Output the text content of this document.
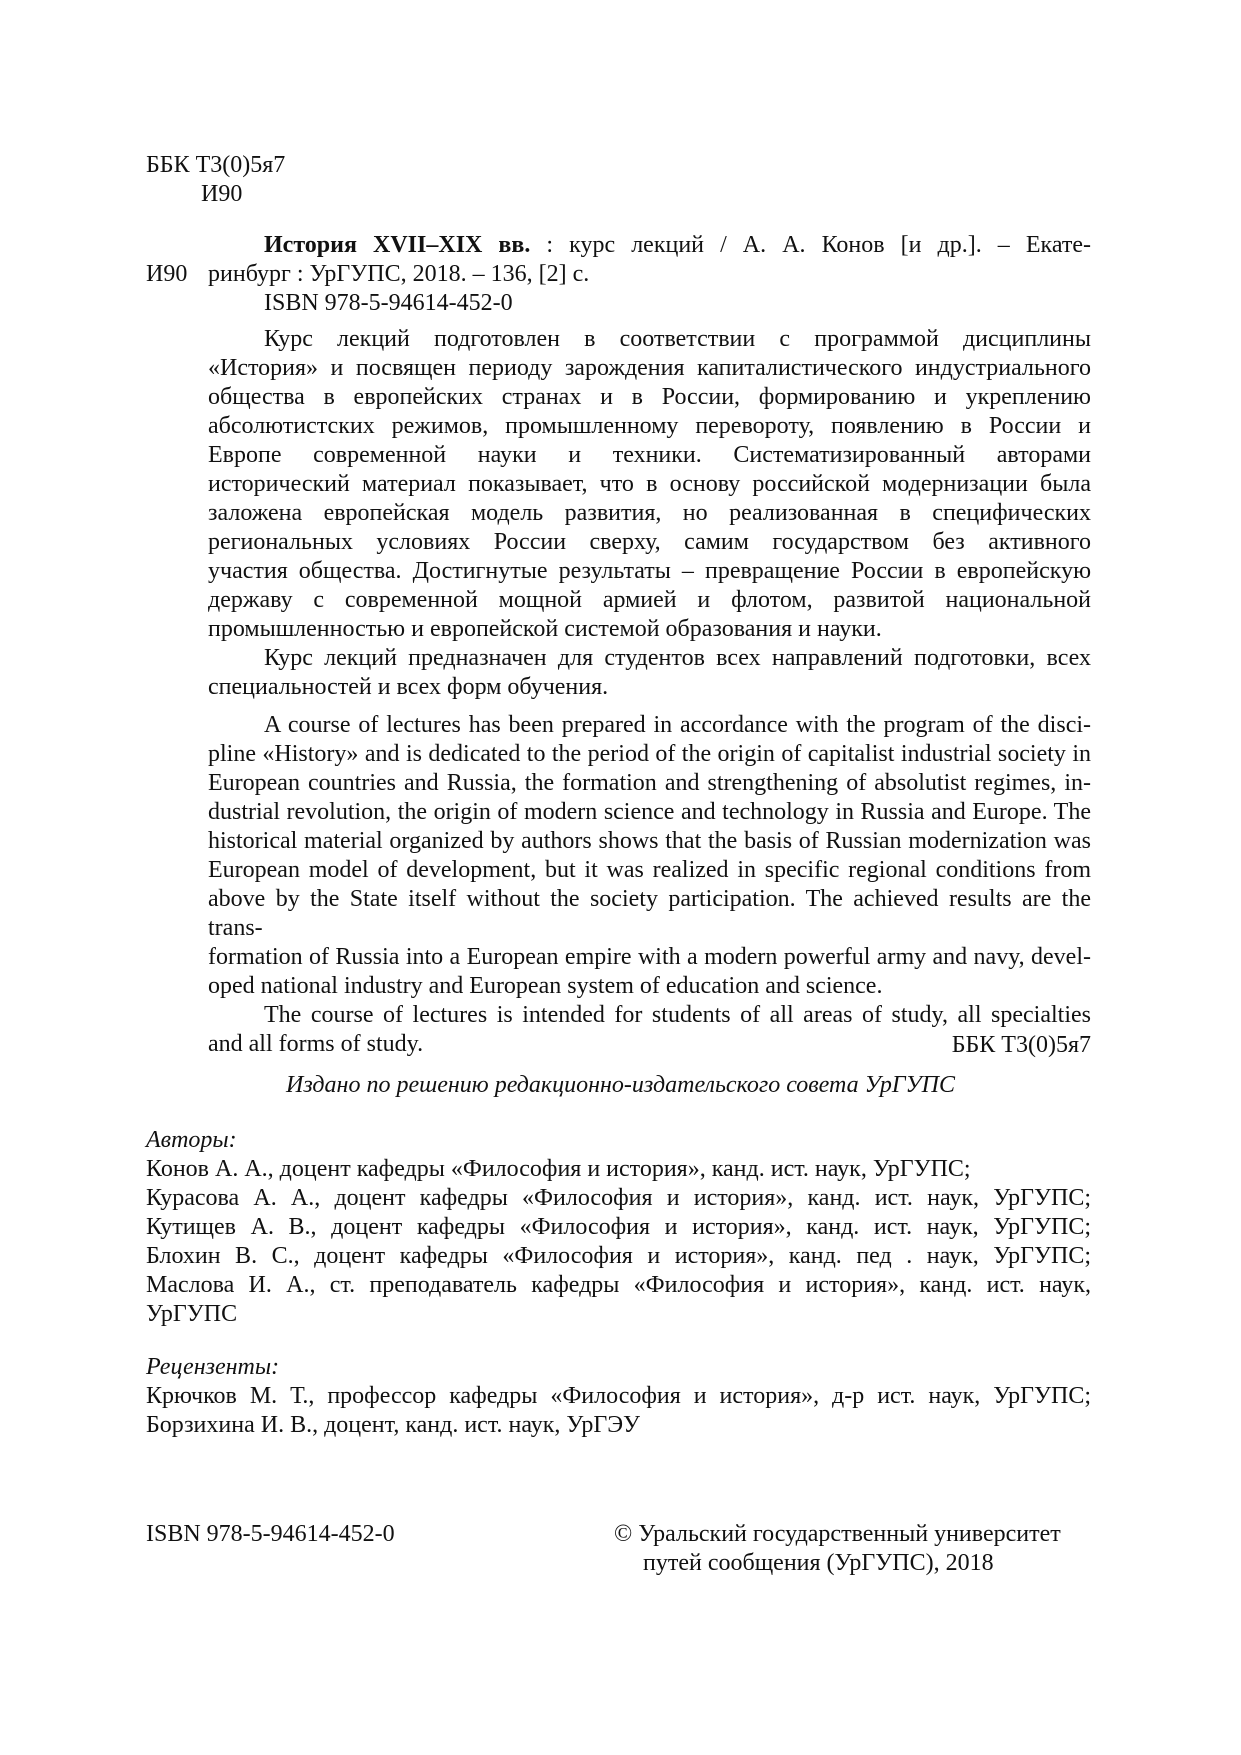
ББК Т3(0)5я7
И90
И90
История XVII–XIX вв. : курс лекций / А. А. Конов [и др.]. – Екате-
ринбург : УрГУПС, 2018. – 136, [2] с.
ISBN 978-5-94614-452-0
Курс лекций подготовлен в соответствии с программой дисциплины
«История» и посвящен периоду зарождения капиталистического индустриального
общества в европейских странах и в России, формированию и укреплению
абсолютистских режимов, промышленному перевороту, появлению в России и
Европе современной науки и техники. Систематизированный авторами
исторический материал показывает, что в основу российской модернизации была
заложена европейская модель развития, но реализованная в специфических
региональных условиях России сверху, самим государством без активного
участия общества. Достигнутые результаты – превращение России в европейскую
державу с современной мощной армией и флотом, развитой национальной
промышленностью и европейской системой образования и науки.
Курс лекций предназначен для студентов всех направлений подготовки, всех
специальностей и всех форм обучения.
A course of lectures has been prepared in accordance with the program of the disci-
pline «History» and is dedicated to the period of the origin of capitalist industrial society in
European countries and Russia, the formation and strengthening of absolutist regimes, in-
dustrial revolution, the origin of modern science and technology in Russia and Europe. The
historical material organized by authors shows that the basis of Russian modernization was
European model of development, but it was realized in specific regional conditions from
above by the State itself without the society participation. The achieved results are the trans-
formation of Russia into a European empire with a modern powerful army and navy, devel-
oped national industry and European system of education and science.
The course of lectures is intended for students of all areas of study, all specialties
and all forms of study.	ББК Т3(0)5я7
Издано по решению редакционно-издательского совета УрГУПС
Авторы:
Конов А. А., доцент кафедры «Философия и история», канд. ист. наук, УрГУПС;
Курасова А. А., доцент кафедры «Философия и история», канд. ист. наук, УрГУПС;
Кутищев А. В., доцент кафедры «Философия и история», канд. ист. наук, УрГУПС;
Блохин В. С., доцент кафедры «Философия и история», канд. пед . наук, УрГУПС;
Маслова И. А., ст. преподаватель кафедры «Философия и история», канд. ист. наук,
УрГУПС
Рецензенты:
Крючков М. Т., профессор кафедры «Философия и история», д-р ист. наук, УрГУПС;
Борзихина И. В., доцент, канд. ист. наук, УрГЭУ
ISBN 978-5-94614-452-0	© Уральский государственный университет
путей сообщения (УрГУПС), 2018
